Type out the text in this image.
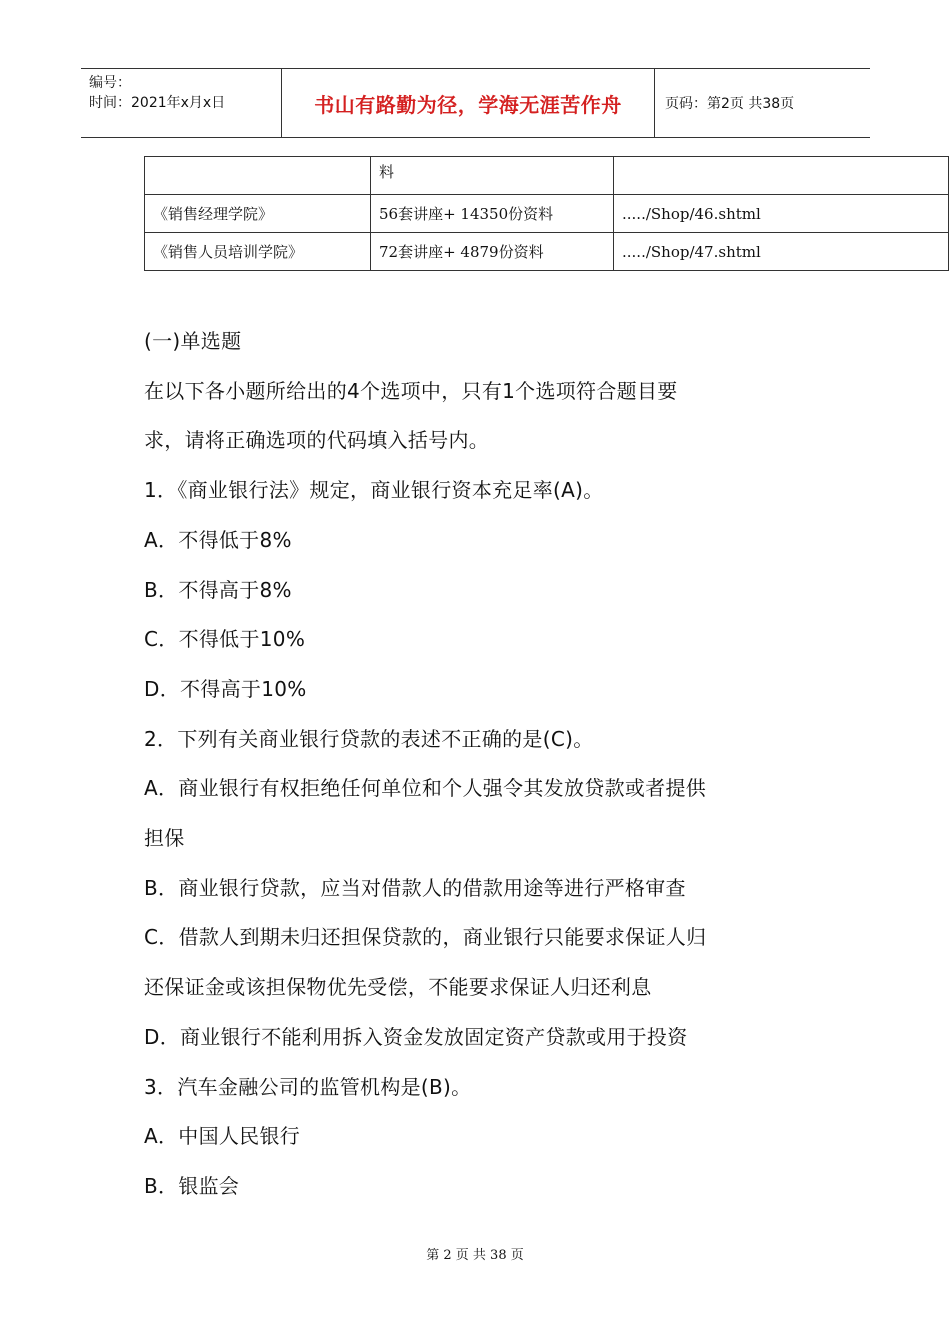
编号：
时间：2021年x月x日	书山有路勤为径，学海无涯苦作舟	页码：第2页 共38页
	料	
《销售经理学院》	56套讲座+ 14350份资料	...../Shop/46.shtml
《销售人员培训学院》	72套讲座+ 4879份资料	...../Shop/47.shtml

(一)单选题

在以下各小题所给出的4个选项中，只有1个选项符合题目要

求，请将正确选项的代码填入括号内。

1．《商业银行法》规定，商业银行资本充足率(A)。

A．不得低于8%

B．不得高于8%

C．不得低于10%

D．不得高于10%

2．下列有关商业银行贷款的表述不正确的是(C)。

A．商业银行有权拒绝任何单位和个人强令其发放贷款或者提供

担保

B．商业银行贷款，应当对借款人的借款用途等进行严格审查

C．借款人到期未归还担保贷款的，商业银行只能要求保证人归

还保证金或该担保物优先受偿，不能要求保证人归还利息

D．商业银行不能利用拆入资金发放固定资产贷款或用于投资

3．汽车金融公司的监管机构是(B)。

A．中国人民银行

B．银监会

第 2 页 共 38 页
